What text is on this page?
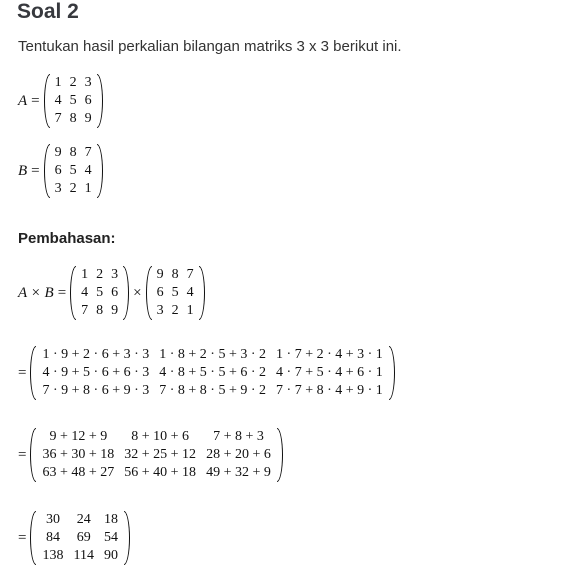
Soal 2
Tentukan hasil perkalian bilangan matriks 3 x 3 berikut ini.
A =
1	2	3
4	5	6
7	8	9
B =
9	8	7
6	5	4
3	2	1
Pembahasan:
A × B =
1	2	3
4	5	6
7	8	9
×
9	8	7
6	5	4
3	2	1
=
1 · 9 + 2 · 6 + 3 · 3	1 · 8 + 2 · 5 + 3 · 2	1 · 7 + 2 · 4 + 3 · 1
4 · 9 + 5 · 6 + 6 · 3	4 · 8 + 5 · 5 + 6 · 2	4 · 7 + 5 · 4 + 6 · 1
7 · 9 + 8 · 6 + 9 · 3	7 · 8 + 8 · 5 + 9 · 2	7 · 7 + 8 · 4 + 9 · 1
=
9 + 12 + 9	8 + 10 + 6	7 + 8 + 3
36 + 30 + 18	32 + 25 + 12	28 + 20 + 6
63 + 48 + 27	56 + 40 + 18	49 + 32 + 9
=
30	24	18
84	69	54
138	114	90
